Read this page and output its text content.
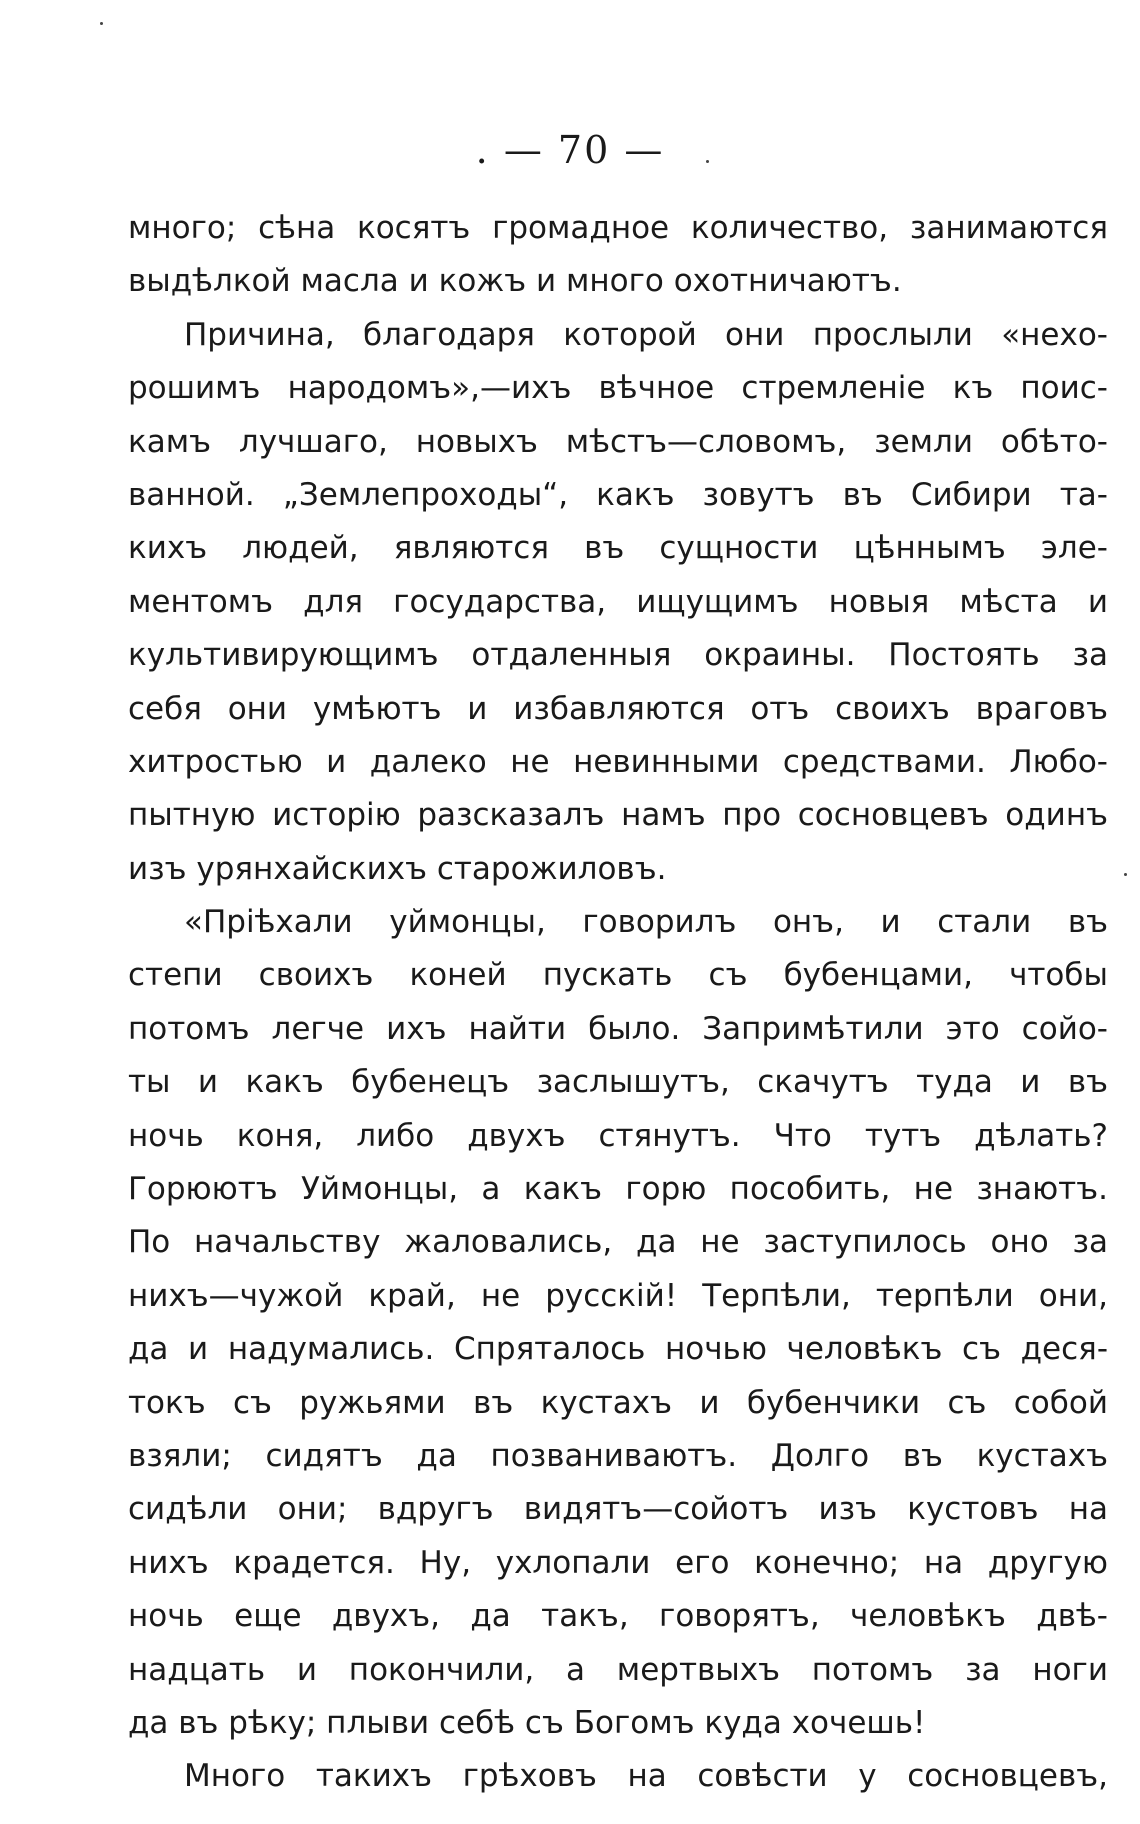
. — 70 —
много; сѣна косятъ громадное количество, занимаются
выдѣлкой масла и кожъ и много охотничаютъ.
Причина, благодаря которой они прослыли «нехо-
рошимъ народомъ»,—ихъ вѣчное стремленіе къ поис-
камъ лучшаго, новыхъ мѣстъ—словомъ, земли обѣто-
ванной. „Землепроходы“, какъ зовутъ въ Сибири та-
кихъ людей, являются въ сущности цѣннымъ эле-
ментомъ для государства, ищущимъ новыя мѣста и
культивирующимъ отдаленныя окраины. Постоять за
себя они умѣютъ и избавляются отъ своихъ враговъ
хитростью и далеко не невинными средствами. Любо-
пытную исторію разсказалъ намъ про сосновцевъ одинъ
изъ урянхайскихъ старожиловъ.
«Пріѣхали уймонцы, говорилъ онъ, и стали въ
степи своихъ коней пускать съ бубенцами, чтобы
потомъ легче ихъ найти было. Запримѣтили это сойо-
ты и какъ бубенецъ заслышутъ, скачутъ туда и въ
ночь коня, либо двухъ стянутъ. Что тутъ дѣлать?
Горюютъ Уймонцы, а какъ горю пособить, не знаютъ.
По начальству жаловались, да не заступилось оно за
нихъ—чужой край, не русскій! Терпѣли, терпѣли они,
да и надумались. Спряталось ночью человѣкъ съ деся-
токъ съ ружьями въ кустахъ и бубенчики съ собой
взяли; сидятъ да позваниваютъ. Долго въ кустахъ
сидѣли они; вдругъ видятъ—сойотъ изъ кустовъ на
нихъ крадется. Ну, ухлопали его конечно; на другую
ночь еще двухъ, да такъ, говорятъ, человѣкъ двѣ-
надцать и покончили, а мертвыхъ потомъ за ноги
да въ рѣку; плыви себѣ съ Богомъ куда хочешь!
Много такихъ грѣховъ на совѣсти у сосновцевъ,
